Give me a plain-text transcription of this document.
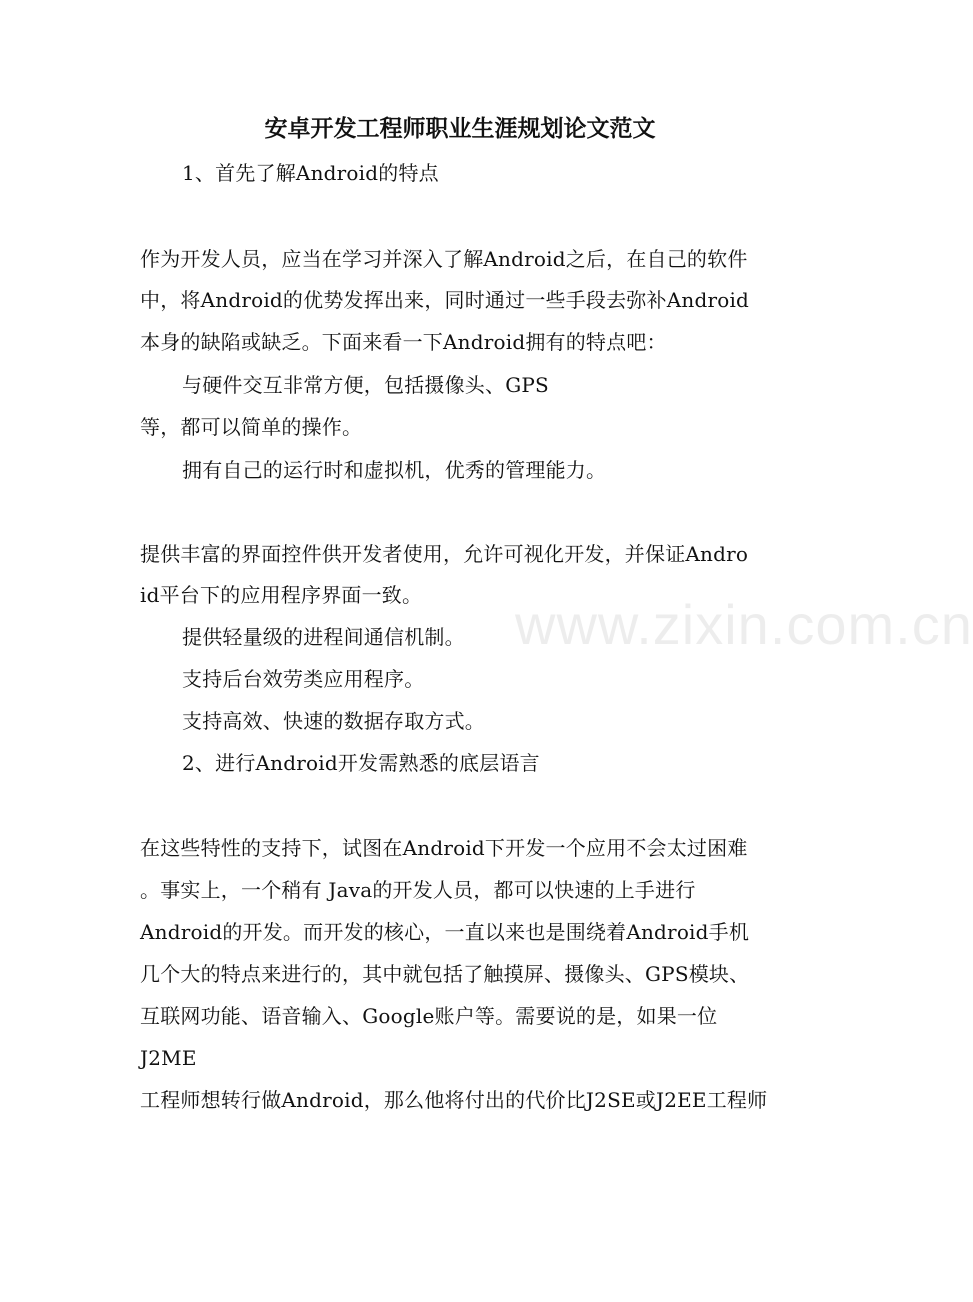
www.zixin.com.cn
安卓开发工程师职业生涯规划论文范文
1、首先了解Android的特点
作为开发人员，应当在学习并深入了解Android之后，在自己的软件
中，将Android的优势发挥出来，同时通过一些手段去弥补Android
本身的缺陷或缺乏。下面来看一下Android拥有的特点吧：
与硬件交互非常方便，包括摄像头、GPS
等，都可以简单的操作。
拥有自己的运行时和虚拟机，优秀的管理能力。
提供丰富的界面控件供开发者使用，允许可视化开发，并保证Andro
id平台下的应用程序界面一致。
提供轻量级的进程间通信机制。
支持后台效劳类应用程序。
支持高效、快速的数据存取方式。
2、进行Android开发需熟悉的底层语言
在这些特性的支持下，试图在Android下开发一个应用不会太过困难
。事实上，一个稍有 Java的开发人员，都可以快速的上手进行
Android的开发。而开发的核心，一直以来也是围绕着Android手机
几个大的特点来进行的，其中就包括了触摸屏、摄像头、GPS模块、
互联网功能、语音输入、Google账户等。需要说的是，如果一位
J2ME
工程师想转行做Android，那么他将付出的代价比J2SE或J2EE工程师
